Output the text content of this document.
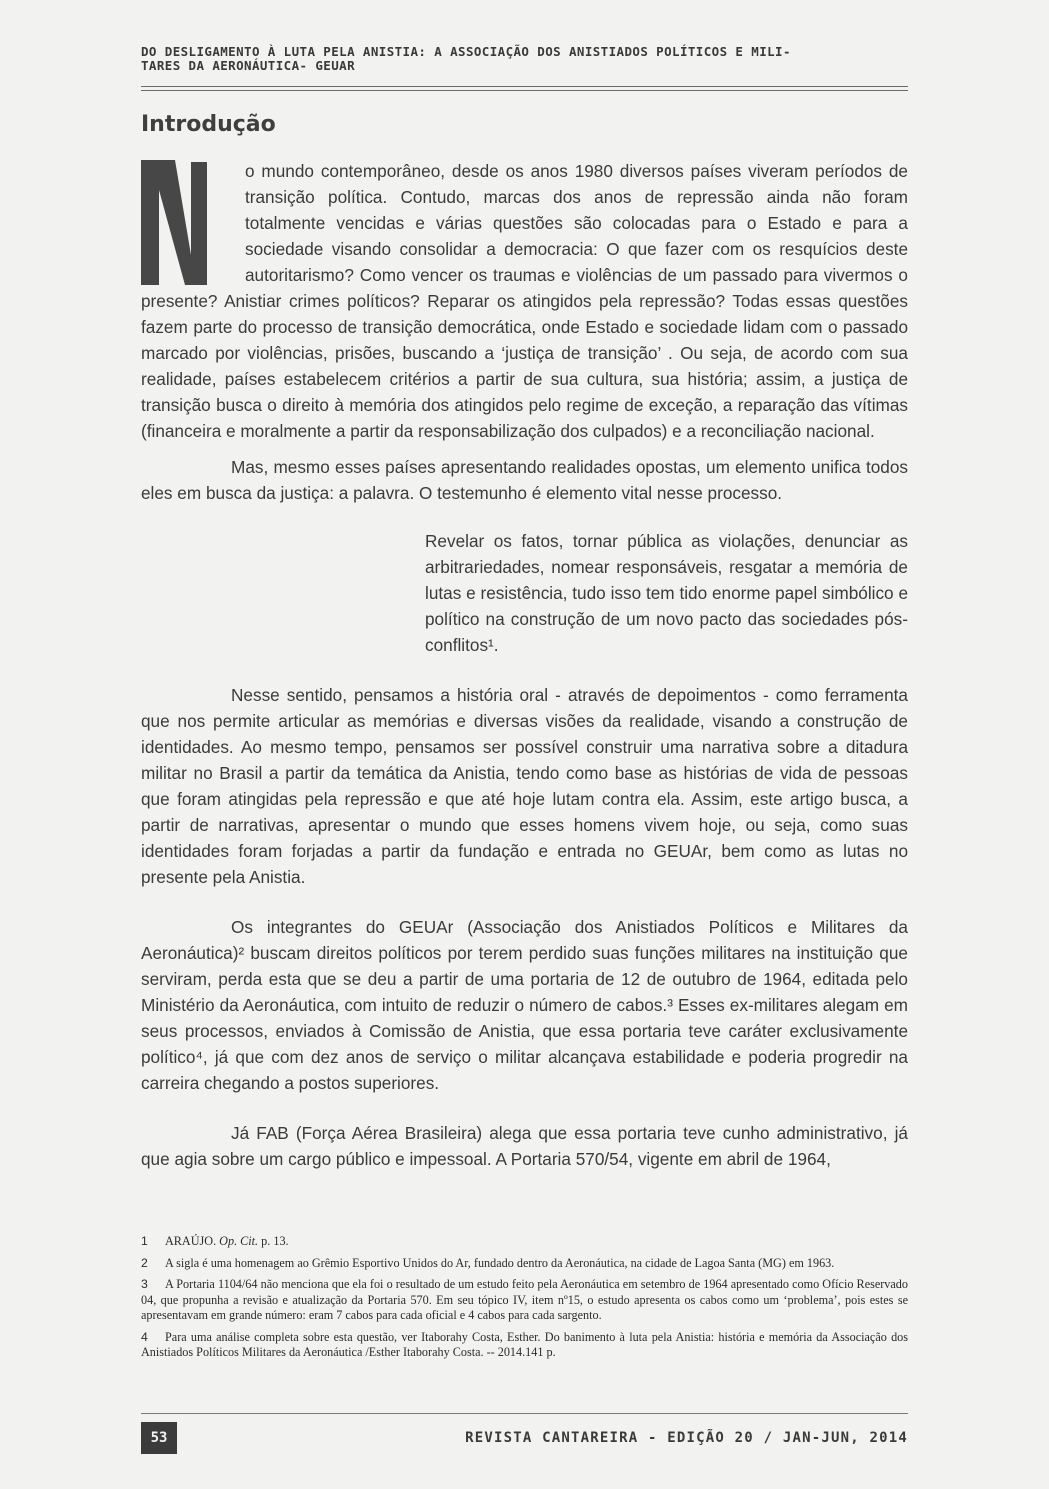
DO DESLIGAMENTO À LUTA PELA ANISTIA: A ASSOCIAÇÃO DOS ANISTIADOS POLÍTICOS E MILI-
TARES DA AERONÁUTICA- GEUAR
Introdução

o mundo contemporâneo, desde os anos 1980 diversos países viveram períodos de transição política. Contudo, marcas dos anos de repressão ainda não foram totalmente vencidas e várias questões são colocadas para o Estado e para a sociedade visando consolidar a democracia: O que fazer com os resquícios deste autoritarismo? Como vencer os traumas e violências de um passado para vivermos o presente? Anistiar crimes políticos? Reparar os atingidos pela repressão? Todas essas questões fazem parte do processo de transição democrática, onde Estado e sociedade lidam com o passado marcado por violências, prisões, buscando a ‘justiça de transição’ . Ou seja, de acordo com sua realidade, países estabelecem critérios a partir de sua cultura, sua história; assim, a justiça de transição busca o direito à memória dos atingidos pelo regime de exceção, a reparação das vítimas (financeira e moralmente a partir da responsabilização dos culpados) e a reconciliação nacional.

Mas, mesmo esses países apresentando realidades opostas, um elemento unifica todos eles em busca da justiça: a palavra. O testemunho é elemento vital nesse processo.

Revelar os fatos, tornar pública as violações, denunciar as arbitrariedades, nomear responsáveis, resgatar a memória de lutas e resistência, tudo isso tem tido enorme papel simbólico e político na construção de um novo pacto das sociedades pós-conflitos¹.

Nesse sentido, pensamos a história oral - através de depoimentos - como ferramenta que nos permite articular as memórias e diversas visões da realidade, visando a construção de identidades. Ao mesmo tempo, pensamos ser possível construir uma narrativa sobre a ditadura militar no Brasil a partir da temática da Anistia, tendo como base as histórias de vida de pessoas que foram atingidas pela repressão e que até hoje lutam contra ela. Assim, este artigo busca, a partir de narrativas, apresentar o mundo que esses homens vivem hoje, ou seja, como suas identidades foram forjadas a partir da fundação e entrada no GEUAr, bem como as lutas no presente pela Anistia.

Os integrantes do GEUAr (Associação dos Anistiados Políticos e Militares da Aeronáutica)² buscam direitos políticos por terem perdido suas funções militares na instituição que serviram, perda esta que se deu a partir de uma portaria de 12 de outubro de 1964, editada pelo Ministério da Aeronáutica, com intuito de reduzir o número de cabos.³ Esses ex-militares alegam em seus processos, enviados à Comissão de Anistia, que essa portaria teve caráter exclusivamente político⁴, já que com dez anos de serviço o militar alcançava estabilidade e poderia progredir na carreira chegando a postos superiores.

Já FAB (Força Aérea Brasileira) alega que essa portaria teve cunho administrativo, já que agia sobre um cargo público e impessoal. A Portaria 570/54, vigente em abril de 1964,

1 ARAÚJO. Op. Cit. p. 13.
2 A sigla é uma homenagem ao Grêmio Esportivo Unidos do Ar, fundado dentro da Aeronáutica, na cidade de Lagoa Santa (MG) em 1963.
3 A Portaria 1104/64 não menciona que ela foi o resultado de um estudo feito pela Aeronáutica em setembro de 1964 apresentado como Ofício Reservado 04, que propunha a revisão e atualização da Portaria 570. Em seu tópico IV, item nº15, o estudo apresenta os cabos como um ‘problema’, pois estes se apresentavam em grande número: eram 7 cabos para cada oficial e 4 cabos para cada sargento.
4 Para uma análise completa sobre esta questão, ver Itaborahy Costa, Esther. Do banimento à luta pela Anistia: história e memória da Associação dos Anistiados Políticos Militares da Aeronáutica /Esther Itaborahy Costa. -- 2014.141 p.
53	REVISTA CANTAREIRA - EDIÇÃO 20 / JAN-JUN, 2014
